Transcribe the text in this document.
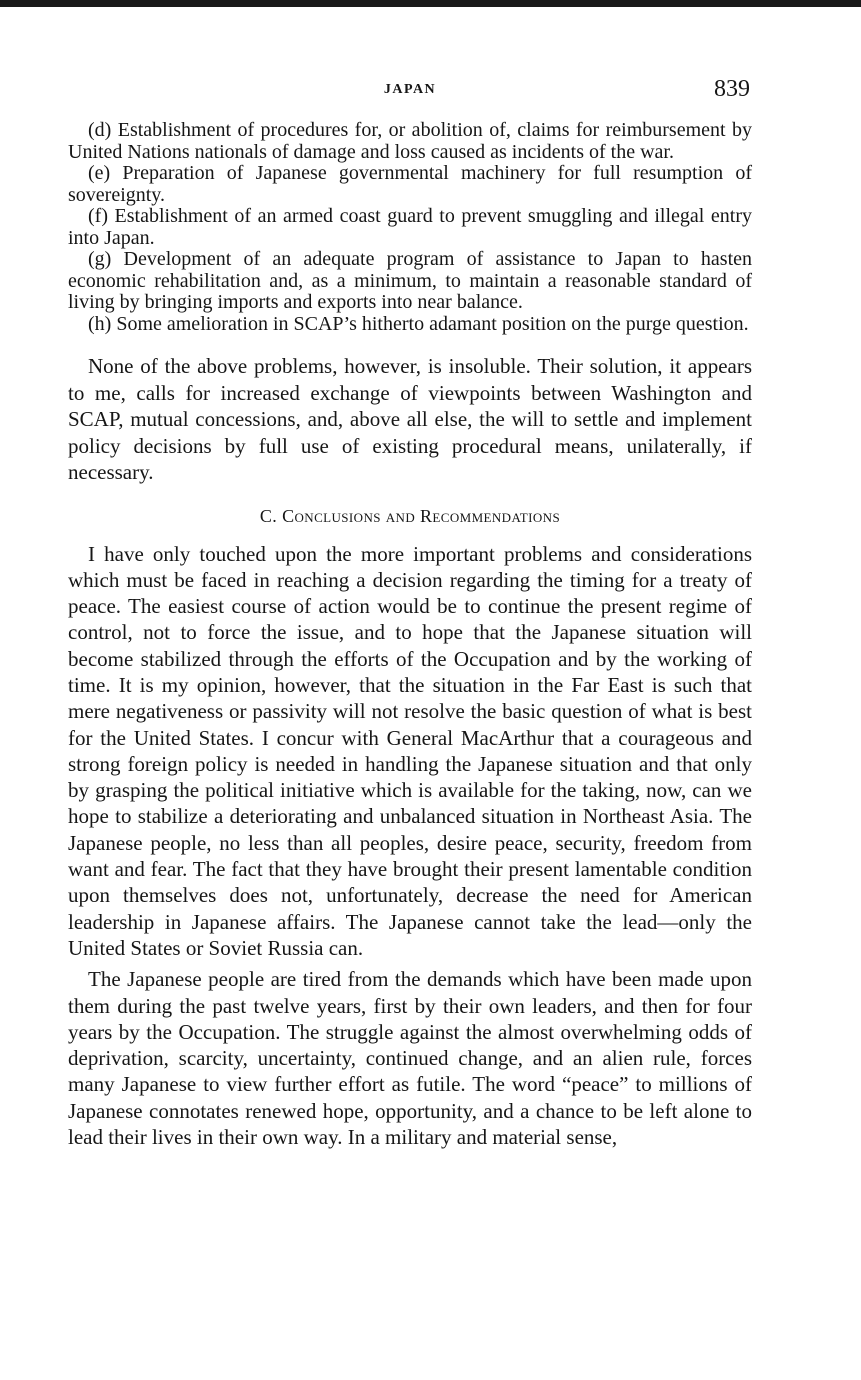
JAPAN	839

(d) Establishment of procedures for, or abolition of, claims for reimbursement by United Nations nationals of damage and loss caused as incidents of the war.

(e) Preparation of Japanese governmental machinery for full resumption of sovereignty.

(f) Establishment of an armed coast guard to prevent smuggling and illegal entry into Japan.

(g) Development of an adequate program of assistance to Japan to hasten economic rehabilitation and, as a minimum, to maintain a reasonable standard of living by bringing imports and exports into near balance.

(h) Some amelioration in SCAP’s hitherto adamant position on the purge question.

None of the above problems, however, is insoluble. Their solution, it appears to me, calls for increased exchange of viewpoints between Washington and SCAP, mutual concessions, and, above all else, the will to settle and implement policy decisions by full use of existing procedural means, unilaterally, if necessary.

C. Conclusions and Recommendations

I have only touched upon the more important problems and considerations which must be faced in reaching a decision regarding the timing for a treaty of peace. The easiest course of action would be to continue the present regime of control, not to force the issue, and to hope that the Japanese situation will become stabilized through the efforts of the Occupation and by the working of time. It is my opinion, however, that the situation in the Far East is such that mere negativeness or passivity will not resolve the basic question of what is best for the United States. I concur with General MacArthur that a courageous and strong foreign policy is needed in handling the Japanese situation and that only by grasping the political initiative which is available for the taking, now, can we hope to stabilize a deteriorating and unbalanced situation in Northeast Asia. The Japanese people, no less than all peoples, desire peace, security, freedom from want and fear. The fact that they have brought their present lamentable condition upon themselves does not, unfortunately, decrease the need for American leadership in Japanese affairs. The Japanese cannot take the lead—only the United States or Soviet Russia can.

The Japanese people are tired from the demands which have been made upon them during the past twelve years, first by their own leaders, and then for four years by the Occupation. The struggle against the almost overwhelming odds of deprivation, scarcity, uncertainty, continued change, and an alien rule, forces many Japanese to view further effort as futile. The word “peace” to millions of Japanese connotates renewed hope, opportunity, and a chance to be left alone to lead their lives in their own way. In a military and material sense,
